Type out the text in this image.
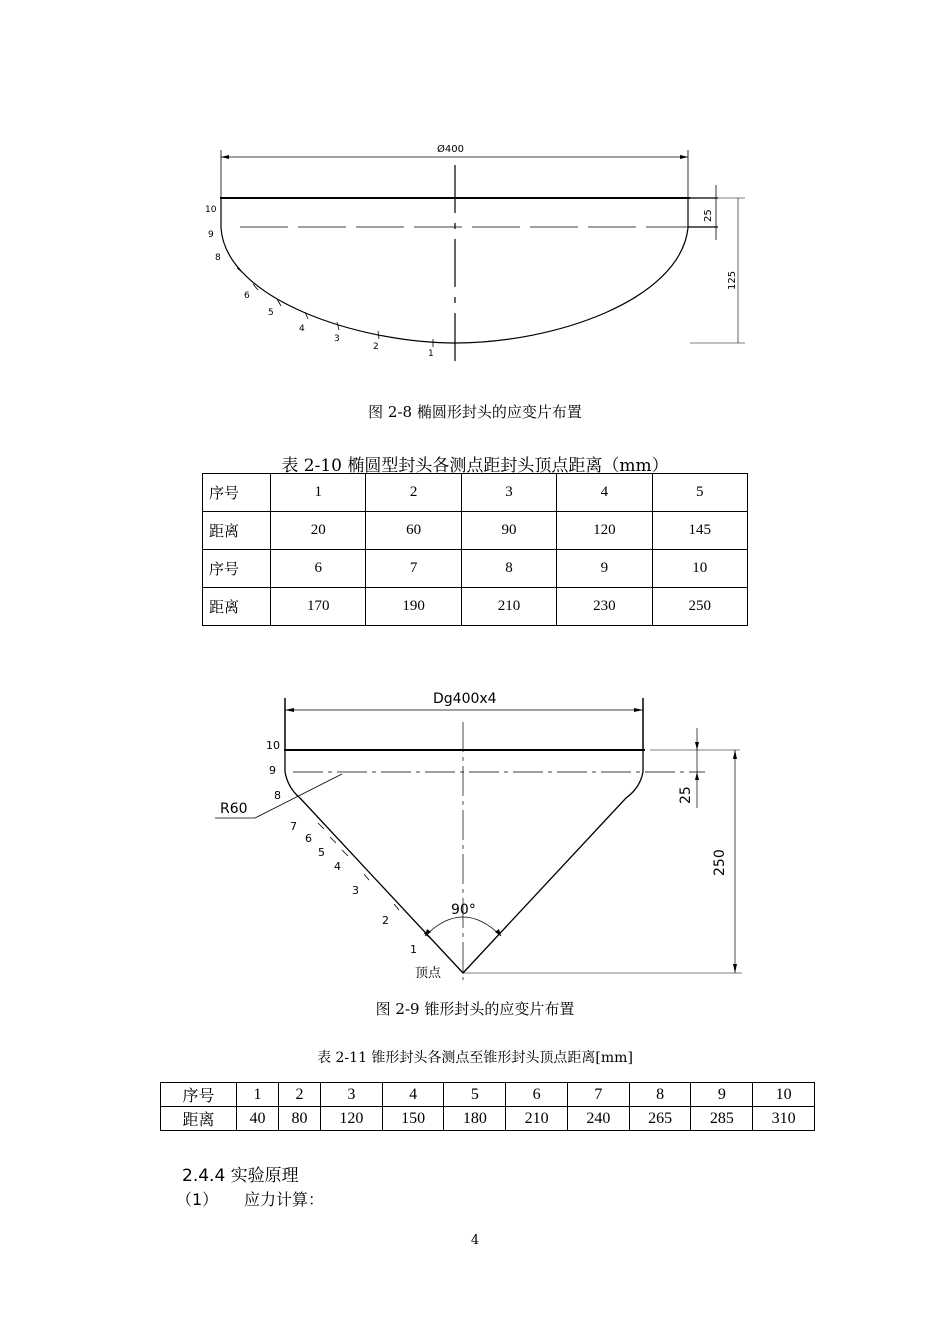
Ø400
25
125
1
2
3
4
5
6
8
9
10
图 2-8 椭圆形封头的应变片布置
表 2-10 椭圆型封头各测点距封头顶点距离（mm）
序号	1	2	3	4	5
距离	20	60	90	120	145
序号	6	7	8	9	10
距离	170	190	210	230	250
Dg400x4
10
9
8
R60
7
6
5
4
3
2
1
顶点
90°
25
250
图 2-9 锥形封头的应变片布置
表 2-11 锥形封头各测点至锥形封头顶点距离[mm]
序号	1	2	3	4	5	6	7	8	9	10
距离	40	80	120	150	180	210	240	265	285	310
2.4.4 实验原理
（1） 应力计算：
4
